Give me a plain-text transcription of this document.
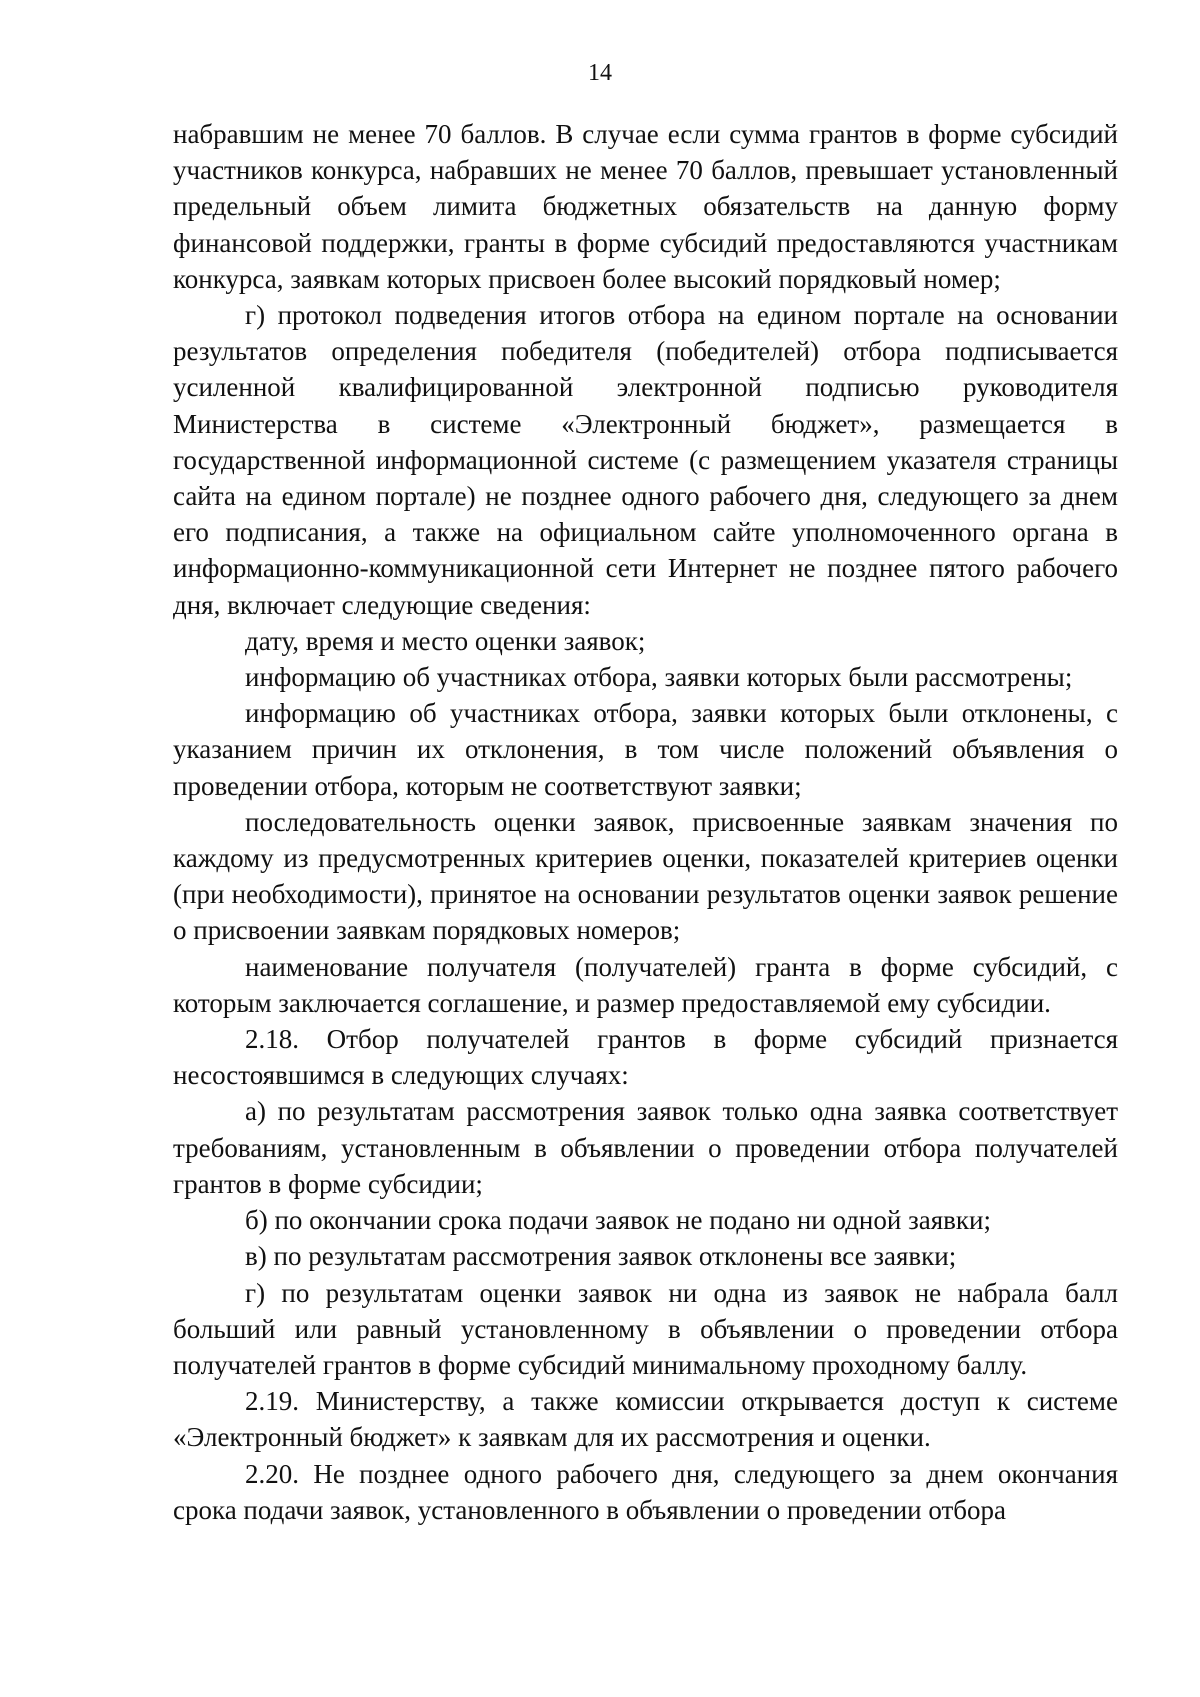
14

набравшим не менее 70 баллов. В случае если сумма грантов в форме субсидий участников конкурса, набравших не менее 70 баллов, превышает установленный предельный объем лимита бюджетных обязательств на данную форму финансовой поддержки, гранты в форме субсидий предоставляются участникам конкурса, заявкам которых присвоен более высокий порядковый номер;

г) протокол подведения итогов отбора на едином портале на основании результатов определения победителя (победителей) отбора подписывается усиленной квалифицированной электронной подписью руководителя Министерства в системе «Электронный бюджет», размещается в государственной информационной системе (с размещением указателя страницы сайта на едином портале) не позднее одного рабочего дня, следующего за днем его подписания, а также на официальном сайте уполномоченного органа в информационно-коммуникационной сети Интернет не позднее пятого рабочего дня, включает следующие сведения:

дату, время и место оценки заявок;

информацию об участниках отбора, заявки которых были рассмотрены;

информацию об участниках отбора, заявки которых были отклонены, с указанием причин их отклонения, в том числе положений объявления о проведении отбора, которым не соответствуют заявки;

последовательность оценки заявок, присвоенные заявкам значения по каждому из предусмотренных критериев оценки, показателей критериев оценки (при необходимости), принятое на основании результатов оценки заявок решение о присвоении заявкам порядковых номеров;

наименование получателя (получателей) гранта в форме субсидий, с которым заключается соглашение, и размер предоставляемой ему субсидии.

2.18. Отбор получателей грантов в форме субсидий признается несостоявшимся в следующих случаях:

а) по результатам рассмотрения заявок только одна заявка соответствует требованиям, установленным в объявлении о проведении отбора получателей грантов в форме субсидии;

б) по окончании срока подачи заявок не подано ни одной заявки;

в) по результатам рассмотрения заявок отклонены все заявки;

г) по результатам оценки заявок ни одна из заявок не набрала балл больший или равный установленному в объявлении о проведении отбора получателей грантов в форме субсидий минимальному проходному баллу.

2.19. Министерству, а также комиссии открывается доступ к системе «Электронный бюджет» к заявкам для их рассмотрения и оценки.

2.20. Не позднее одного рабочего дня, следующего за днем окончания срока подачи заявок, установленного в объявлении о проведении отбора
